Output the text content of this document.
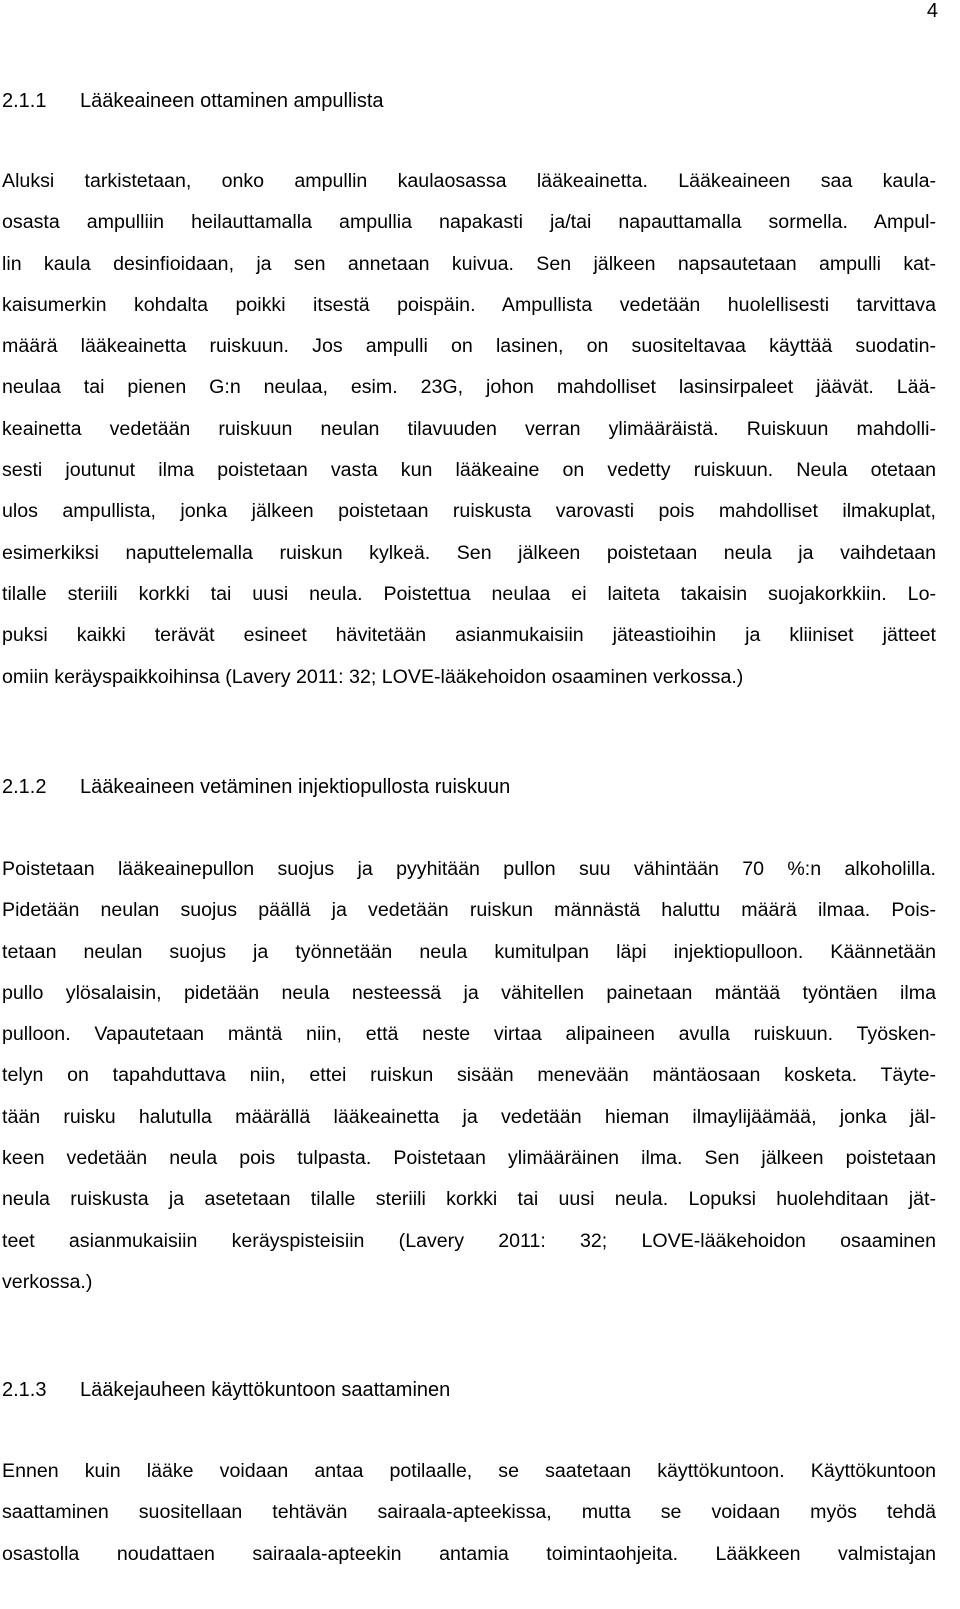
4
2.1.1 Lääkeaineen ottaminen ampullista
Aluksi tarkistetaan, onko ampullin kaulaosassa lääkeainetta. Lääkeaineen saa kaula-
osasta ampulliin heilauttamalla ampullia napakasti ja/tai napauttamalla sormella. Ampul-
lin kaula desinfioidaan, ja sen annetaan kuivua. Sen jälkeen napsautetaan ampulli kat-
kaisumerkin kohdalta poikki itsestä poispäin. Ampullista vedetään huolellisesti tarvittava
määrä lääkeainetta ruiskuun. Jos ampulli on lasinen, on suositeltavaa käyttää suodatin-
neulaa tai pienen G:n neulaa, esim. 23G, johon mahdolliset lasinsirpaleet jäävät. Lää-
keainetta vedetään ruiskuun neulan tilavuuden verran ylimääräistä. Ruiskuun mahdolli-
sesti joutunut ilma poistetaan vasta kun lääkeaine on vedetty ruiskuun. Neula otetaan
ulos ampullista, jonka jälkeen poistetaan ruiskusta varovasti pois mahdolliset ilmakuplat,
esimerkiksi naputtelemalla ruiskun kylkeä. Sen jälkeen poistetaan neula ja vaihdetaan
tilalle steriili korkki tai uusi neula. Poistettua neulaa ei laiteta takaisin suojakorkkiin. Lo-
puksi kaikki terävät esineet hävitetään asianmukaisiin jäteastioihin ja kliiniset jätteet
omiin keräyspaikkoihinsa (Lavery 2011: 32; LOVE-lääkehoidon osaaminen verkossa.)
2.1.2 Lääkeaineen vetäminen injektiopullosta ruiskuun
Poistetaan lääkeainepullon suojus ja pyyhitään pullon suu vähintään 70 %:n alkoholilla.
Pidetään neulan suojus päällä ja vedetään ruiskun männästä haluttu määrä ilmaa. Pois-
tetaan neulan suojus ja työnnetään neula kumitulpan läpi injektiopulloon. Käännetään
pullo ylösalaisin, pidetään neula nesteessä ja vähitellen painetaan mäntää työntäen ilma
pulloon. Vapautetaan mäntä niin, että neste virtaa alipaineen avulla ruiskuun. Työsken-
telyn on tapahduttava niin, ettei ruiskun sisään menevään mäntäosaan kosketa. Täyte-
tään ruisku halutulla määrällä lääkeainetta ja vedetään hieman ilmaylijäämää, jonka jäl-
keen vedetään neula pois tulpasta. Poistetaan ylimääräinen ilma. Sen jälkeen poistetaan
neula ruiskusta ja asetetaan tilalle steriili korkki tai uusi neula. Lopuksi huolehditaan jät-
teet asianmukaisiin keräyspisteisiin (Lavery 2011: 32; LOVE-lääkehoidon osaaminen
verkossa.)
2.1.3 Lääkejauheen käyttökuntoon saattaminen
Ennen kuin lääke voidaan antaa potilaalle, se saatetaan käyttökuntoon. Käyttökuntoon
saattaminen suositellaan tehtävän sairaala-apteekissa, mutta se voidaan myös tehdä
osastolla noudattaen sairaala-apteekin antamia toimintaohjeita. Lääkkeen valmistajan
